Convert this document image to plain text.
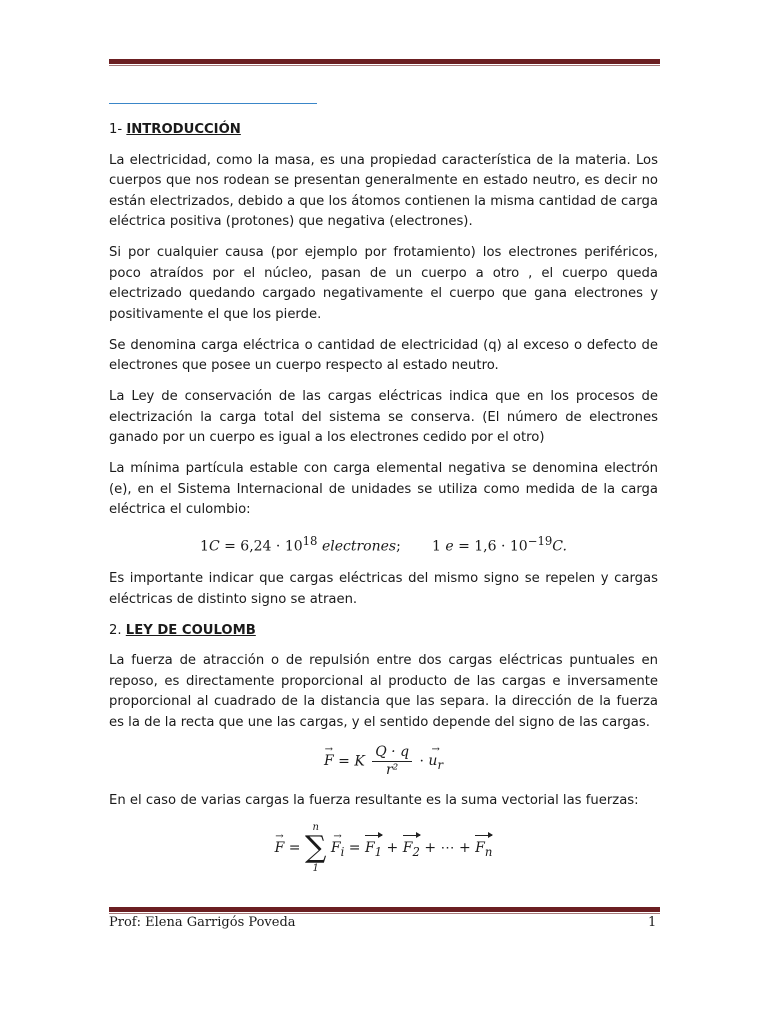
1- INTRODUCCIÓN

La electricidad, como la masa, es una propiedad característica de la materia. Los cuerpos que nos rodean se presentan generalmente en estado neutro, es decir no están electrizados, debido a que los átomos contienen la misma cantidad de carga eléctrica positiva (protones) que negativa (electrones).

Si por cualquier causa (por ejemplo por frotamiento) los electrones periféricos, poco atraídos por el núcleo, pasan de un cuerpo a otro , el cuerpo queda electrizado quedando cargado negativamente el cuerpo que gana electrones y positivamente el que los pierde.

Se denomina carga eléctrica o cantidad de electricidad (q) al exceso o defecto de electrones que posee un cuerpo respecto al estado neutro.

La Ley de conservación de las cargas eléctricas indica que en los procesos de electrización la carga total del sistema se conserva. (El número de electrones ganado por un cuerpo es igual a los electrones cedido por el otro)

La mínima partícula estable con carga elemental negativa se denomina electrón (e), en el Sistema Internacional de unidades se utiliza como medida de la carga eléctrica el culombio:

$1C = 6,24 \cdot 10^{18}$ electrones; 1 $e = 1,6 \cdot 10^{-19}C$.

Es importante indicar que cargas eléctricas del mismo signo se repelen y cargas eléctricas de distinto signo se atraen.

2. LEY DE COULOMB

La fuerza de atracción o de repulsión entre dos cargas eléctricas puntuales en reposo, es directamente proporcional al producto de las cargas e inversamente proporcional al cuadrado de la distancia que las separa. la dirección de la fuerza es la de la recta que une las cargas, y el sentido depende del signo de las cargas.

→ F = K $\frac{Q \cdot q}{\text{r²}}$ · → $u_r$

En el caso de varias cargas la fuerza resultante es la suma vectorial las fuerzas:

→ F =
n
∑
1
→ $F_i = F_1 + F_2$ + ⋯ + $F_n$
Prof: Elena Garrigós Poveda	1
